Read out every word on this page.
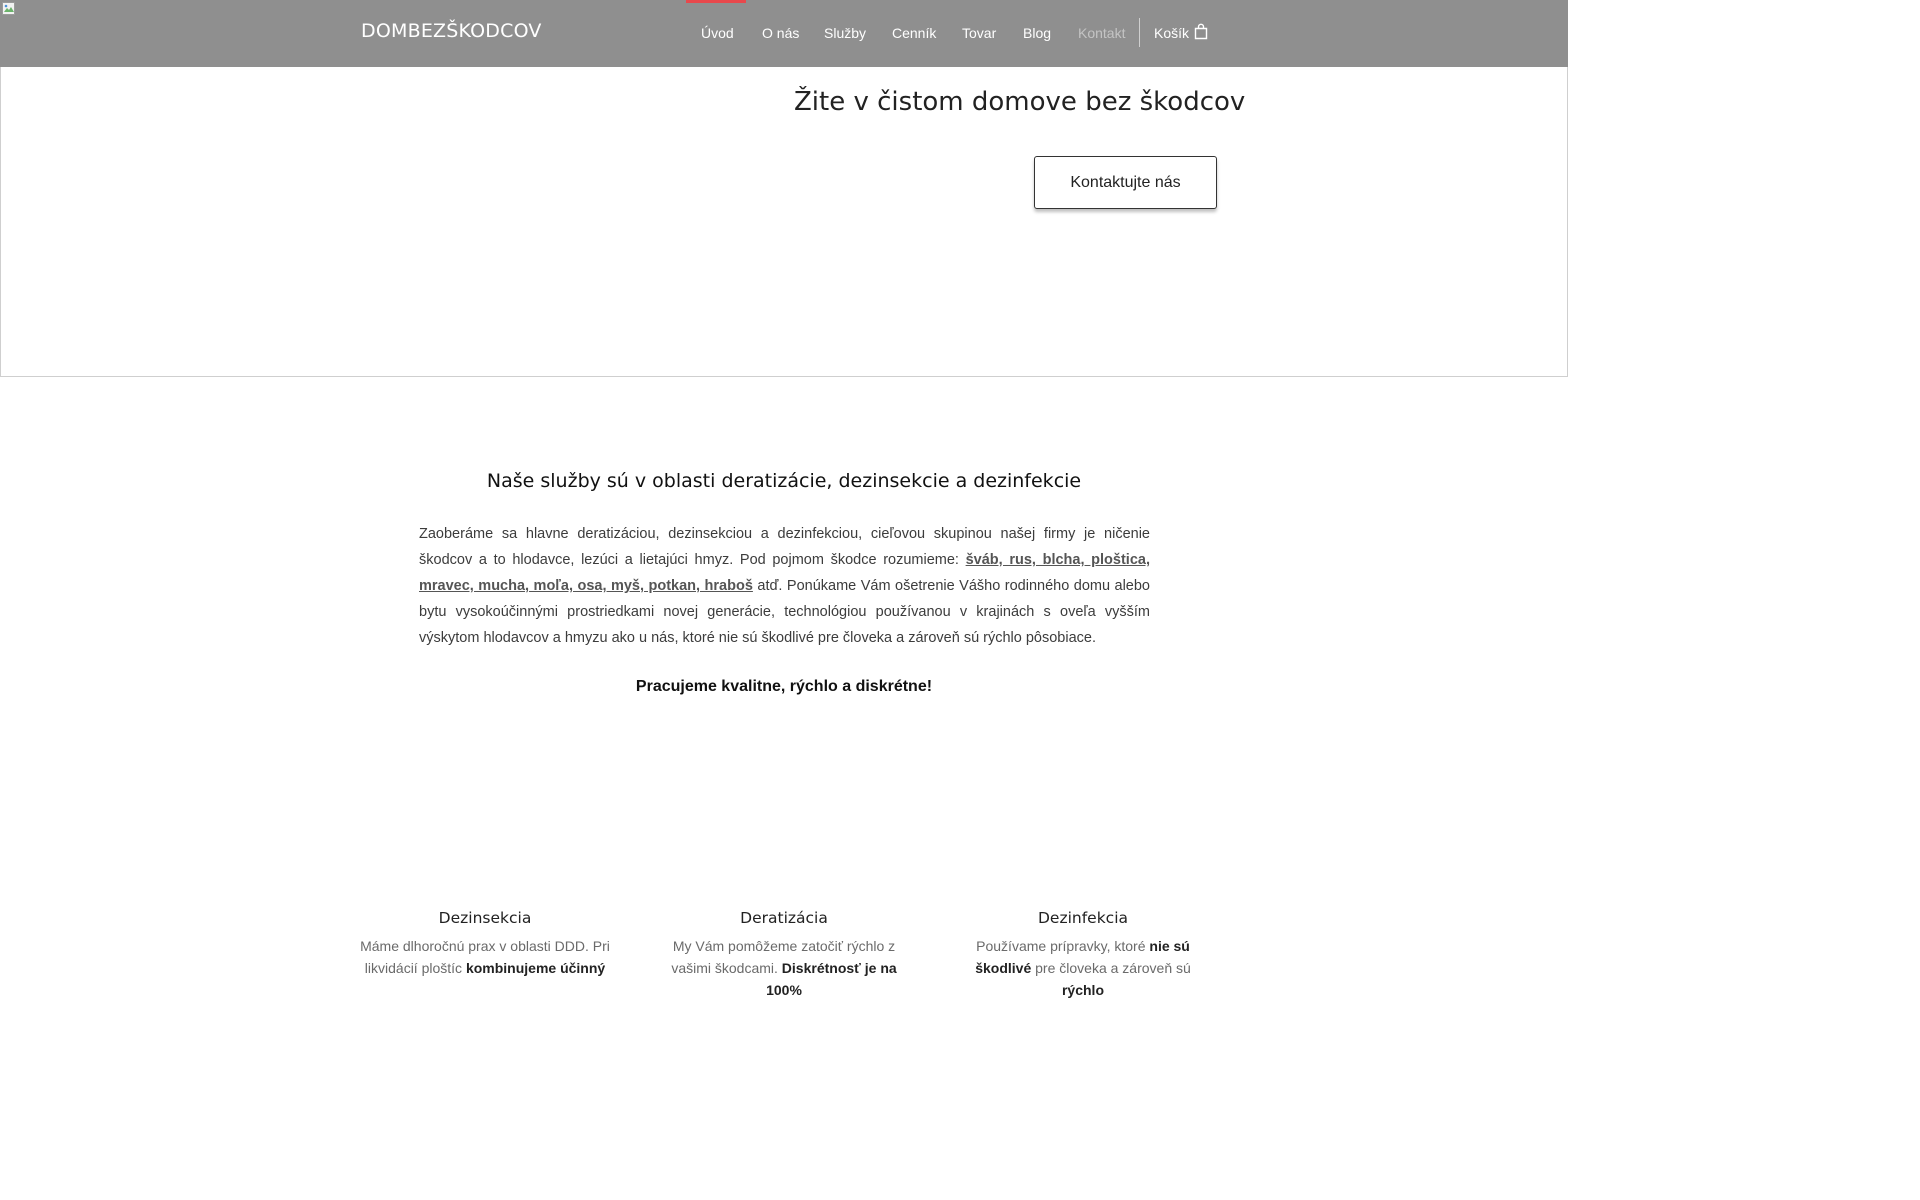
DOMBEZŠKODCOV	Úvod O nás Služby Cenník Tovar Blog Kontakt Košík
Žite v čistom domove bez škodcov
Kontaktujte nás
Naše služby sú v oblasti deratizácie, dezinsekcie a dezinfekcie

Zaoberáme sa hlavne deratizáciou, dezinsekciou a dezinfekciou, cieľovou skupinou našej firmy je ničenie škodcov a to hlodavce, lezúci a lietajúci hmyz. Pod pojmom škodce rozumieme: šváb, rus, blcha, ploštica, mravec, mucha, moľa, osa, myš, potkan, hraboš atď. Ponúkame Vám ošetrenie Vášho rodinného domu alebo bytu vysokoúčinnými prostriedkami novej generácie, technológiou používanou v krajinách s oveľa vyšším výskytom hlodavcov a hmyzu ako u nás, ktoré nie sú škodlivé pre človeka a zároveň sú rýchlo pôsobiace.

Pracujeme kvalitne, rýchlo a diskrétne!

Dezinsekcia

Máme dlhoročnú prax v oblasti DDD. Pri likvidácií ploštíc kombinujeme účinný

Deratizácia

My Vám pomôžeme zatočiť rýchlo z vašimi škodcami. Diskrétnosť je na 100%

Dezinfekcia

Používame prípravky, ktoré nie sú škodlivé pre človeka a zároveň sú rýchlo
